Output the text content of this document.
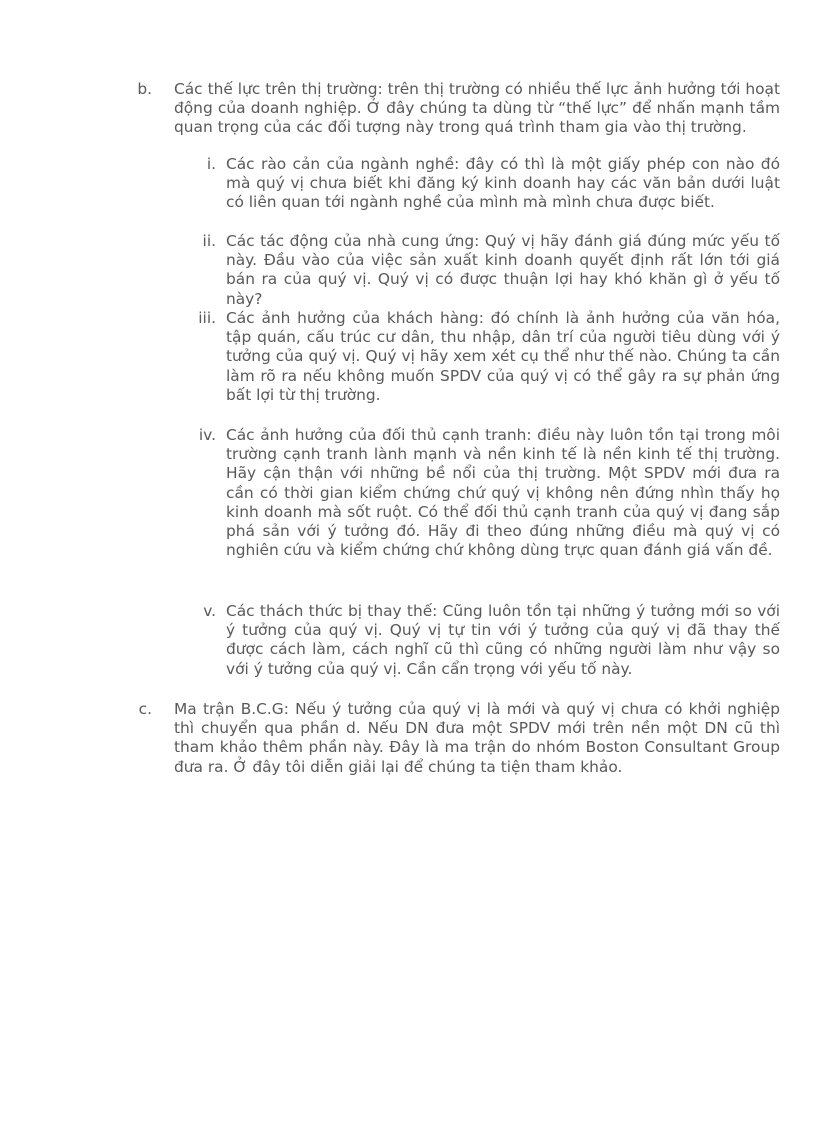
b. Các thế lực trên thị trường: trên thị trường có nhiều thế lực ảnh hưởng tới hoạt động của doanh nghiệp. Ở đây chúng ta dùng từ “thế lực” để nhấn mạnh tầm quan trọng của các đối tượng này trong quá trình tham gia vào thị trường.

i. Các rào cản của ngành nghề: đây có thì là một giấy phép con nào đó mà quý vị chưa biết khi đăng ký kinh doanh hay các văn bản dưới luật có liên quan tới ngành nghề của mình mà mình chưa được biết.

ii. Các tác động của nhà cung ứng: Quý vị hãy đánh giá đúng mức yếu tố này. Đầu vào của việc sản xuất kinh doanh quyết định rất lớn tới giá bán ra của quý vị. Quý vị có được thuận lợi hay khó khăn gì ở yếu tố này?

iii. Các ảnh hưởng của khách hàng: đó chính là ảnh hưởng của văn hóa, tập quán, cấu trúc cư dân, thu nhập, dân trí của người tiêu dùng với ý tưởng của quý vị. Quý vị hãy xem xét cụ thể như thế nào. Chúng ta cần làm rõ ra nếu không muốn SPDV của quý vị có thể gây ra sự phản ứng bất lợi từ thị trường.

iv. Các ảnh hưởng của đối thủ cạnh tranh: điều này luôn tồn tại trong môi trường cạnh tranh lành mạnh và nền kinh tế là nền kinh tế thị trường. Hãy cận thận với những bề nổi của thị trường. Một SPDV mới đưa ra cần có thời gian kiểm chứng chứ quý vị không nên đứng nhìn thấy họ kinh doanh mà sốt ruột. Có thể đối thủ cạnh tranh của quý vị đang sắp phá sản với ý tưởng đó. Hãy đi theo đúng những điều mà quý vị có nghiên cứu và kiểm chứng chứ không dùng trực quan đánh giá vấn đề.

v. Các thách thức bị thay thế: Cũng luôn tồn tại những ý tưởng mới so với ý tưởng của quý vị. Quý vị tự tin với ý tưởng của quý vị đã thay thế được cách làm, cách nghĩ cũ thì cũng có những người làm như vậy so với ý tưởng của quý vị. Cần cẩn trọng với yếu tố này.

c. Ma trận B.C.G: Nếu ý tưởng của quý vị là mới và quý vị chưa có khởi nghiệp thì chuyển qua phần d. Nếu DN đưa một SPDV mới trên nền một DN cũ thì tham khảo thêm phần này. Đây là ma trận do nhóm Boston Consultant Group đưa ra. Ở đây tôi diễn giải lại để chúng ta tiện tham khảo.
